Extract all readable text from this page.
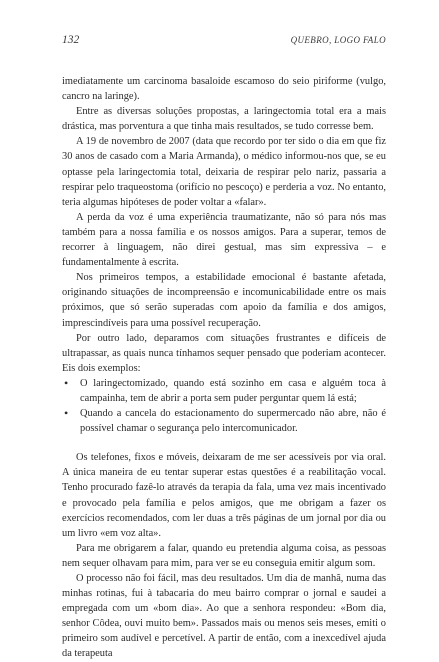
132	QUEBRO, LOGO FALO

imediatamente um carcinoma basaloide escamoso do seio piriforme (vulgo, cancro na laringe).

Entre as diversas soluções propostas, a laringectomia total era a mais drástica, mas porventura a que tinha mais resultados, se tudo corresse bem.

A 19 de novembro de 2007 (data que recordo por ter sido o dia em que fiz 30 anos de casado com a Maria Armanda), o médico informou-nos que, se eu optasse pela laringectomia total, deixaria de respirar pelo nariz, passaria a respirar pelo traqueostoma (orifício no pescoço) e perderia a voz. No entanto, teria algumas hipóteses de poder voltar a «falar».

A perda da voz é uma experiência traumatizante, não só para nós mas também para a nossa família e os nossos amigos. Para a superar, temos de recorrer à linguagem, não direi gestual, mas sim expressiva – e fundamentalmente à escrita.

Nos primeiros tempos, a estabilidade emocional é bastante afetada, originando situações de incompreensão e incomunicabilidade entre os mais próximos, que só serão superadas com apoio da família e dos amigos, imprescindíveis para uma possível recuperação.

Por outro lado, deparamos com situações frustrantes e difíceis de ultrapassar, as quais nunca tínhamos sequer pensado que poderiam acontecer. Eis dois exemplos:

• O laringectomizado, quando está sozinho em casa e alguém toca à campainha, tem de abrir a porta sem puder perguntar quem lá está;
• Quando a cancela do estacionamento do supermercado não abre, não é possível chamar o segurança pelo intercomunicador.

Os telefones, fixos e móveis, deixaram de me ser acessíveis por via oral. A única maneira de eu tentar superar estas questões é a reabilitação vocal. Tenho procurado fazê-lo através da terapia da fala, uma vez mais incentivado e provocado pela família e pelos amigos, que me obrigam a fazer os exercícios recomendados, com ler duas a três páginas de um jornal por dia ou um livro «em voz alta».

Para me obrigarem a falar, quando eu pretendia alguma coisa, as pessoas nem sequer olhavam para mim, para ver se eu conseguia emitir algum som.

O processo não foi fácil, mas deu resultados. Um dia de manhã, numa das minhas rotinas, fui à tabacaria do meu bairro comprar o jornal e saudei a empregada com um «bom dia». Ao que a senhora respondeu: «Bom dia, senhor Côdea, ouvi muito bem». Passados mais ou menos seis meses, emiti o primeiro som audível e percetível. A partir de então, com a inexcedível ajuda da terapeuta
